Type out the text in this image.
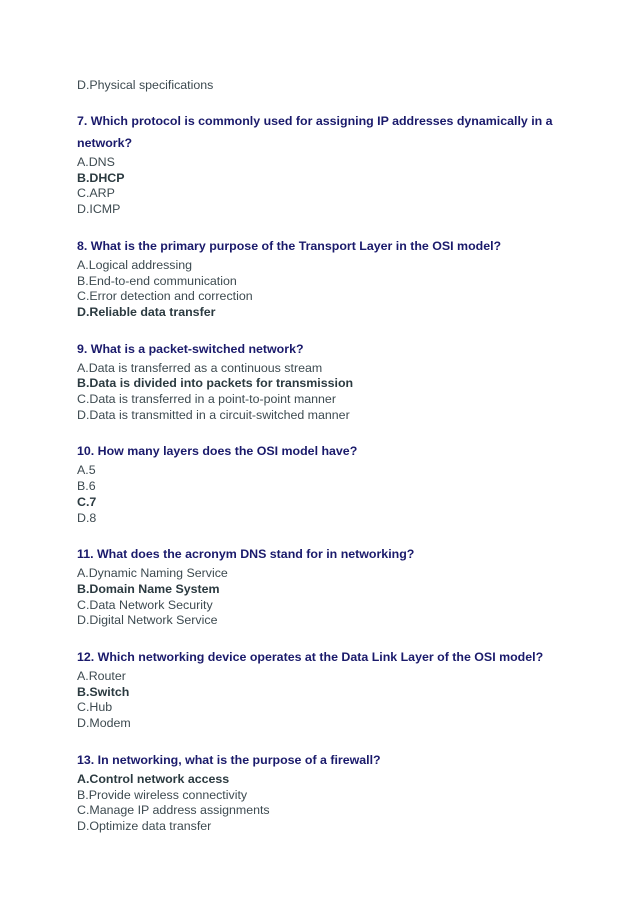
D.Physical specifications

7. Which protocol is commonly used for assigning IP addresses dynamically in a network?

A.DNS

B.DHCP

C.ARP

D.ICMP

8. What is the primary purpose of the Transport Layer in the OSI model?

A.Logical addressing

B.End-to-end communication

C.Error detection and correction

D.Reliable data transfer

9. What is a packet-switched network?

A.Data is transferred as a continuous stream

B.Data is divided into packets for transmission

C.Data is transferred in a point-to-point manner

D.Data is transmitted in a circuit-switched manner

10. How many layers does the OSI model have?

A.5

B.6

C.7

D.8

11. What does the acronym DNS stand for in networking?

A.Dynamic Naming Service

B.Domain Name System

C.Data Network Security

D.Digital Network Service

12. Which networking device operates at the Data Link Layer of the OSI model?

A.Router

B.Switch

C.Hub

D.Modem

13. In networking, what is the purpose of a firewall?

A.Control network access

B.Provide wireless connectivity

C.Manage IP address assignments

D.Optimize data transfer
